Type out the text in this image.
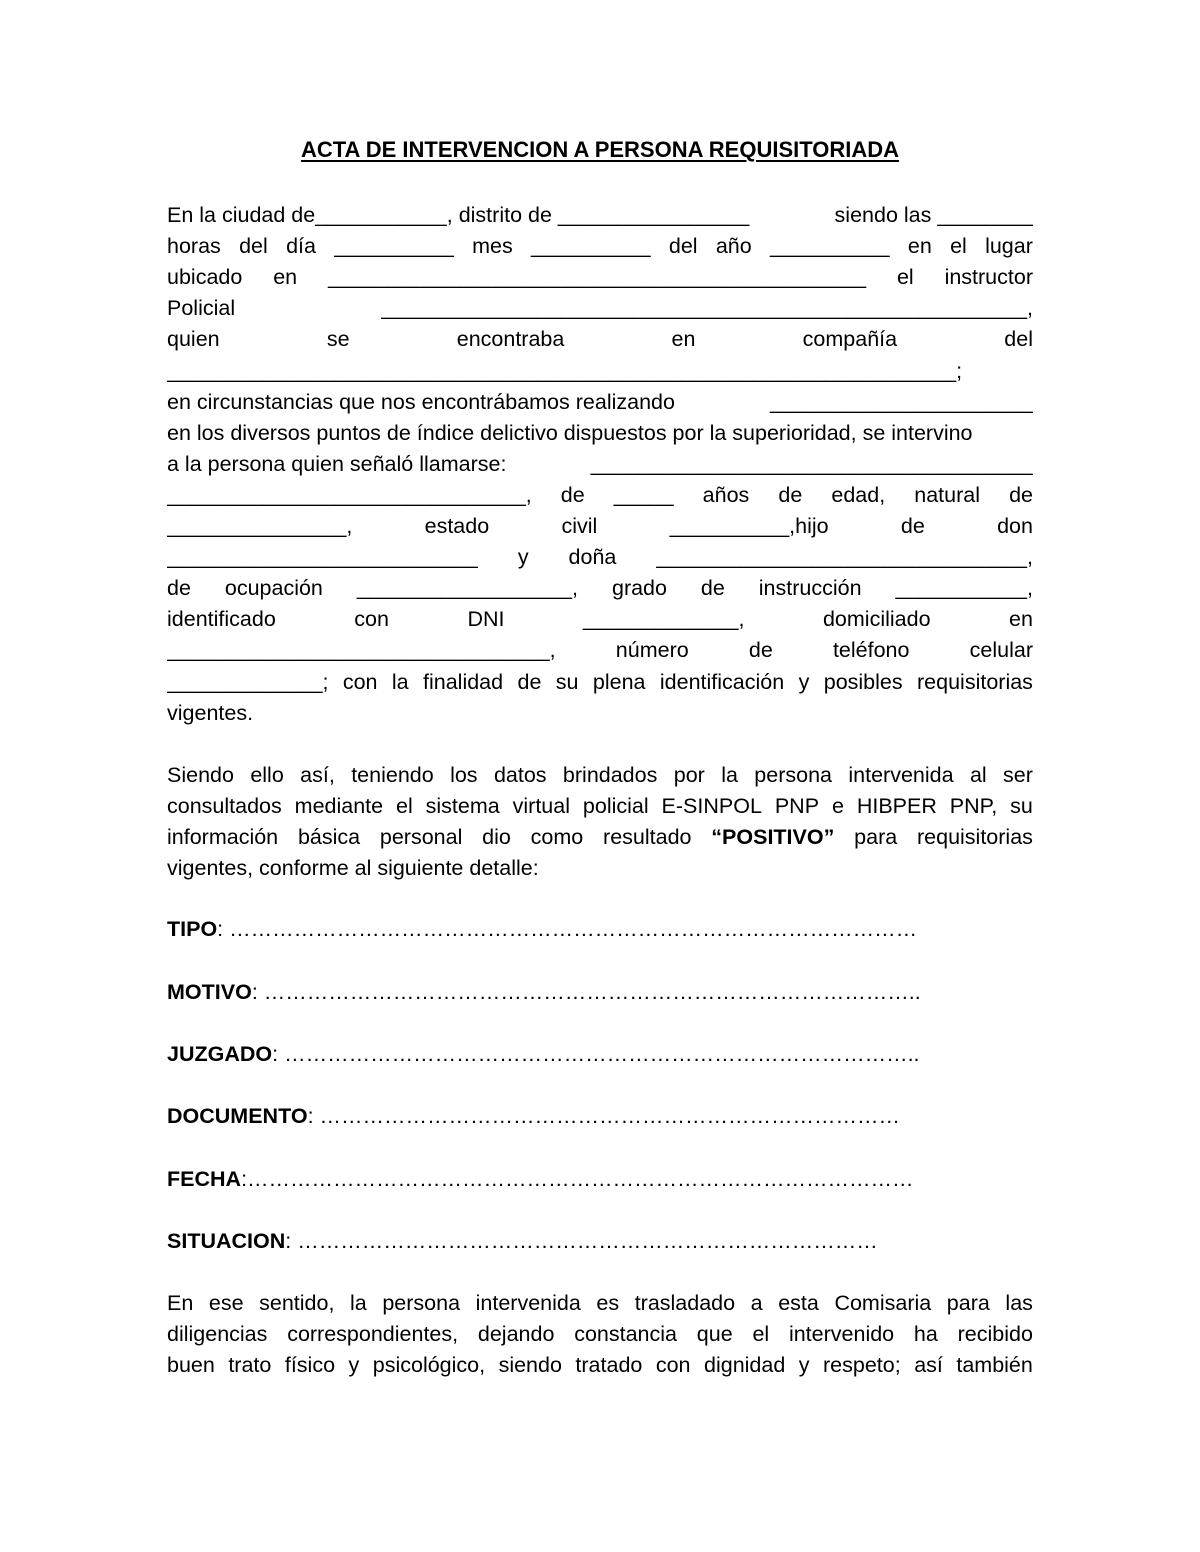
ACTA DE INTERVENCION A PERSONA REQUISITORIADA
En la ciudad de___________, distrito de ________________	siendo las ________
horas del día __________ mes __________ del año __________ en el lugar
ubicado en _____________________________________________ el instructor
Policial	______________________________________________________,
quien	se	encontraba	en	compañía	del
__________________________________________________________________;
en circunstancias que nos encontrábamos realizando	______________________
en los diversos puntos de índice delictivo dispuestos por la superioridad, se intervino
a la persona quien señaló llamarse:	_____________________________________
______________________________, de _____ años de edad, natural de
_______________,	estado	civil	__________,hijo	de	don
__________________________ y doña _______________________________,
de ocupación __________________, grado de instrucción ___________,
identificado	con	DNI	_____________,	domiciliado	en
________________________________,	número	de	teléfono	celular
_____________; con la finalidad de su plena identificación y posibles requisitorias
vigentes.
Siendo ello así, teniendo los datos brindados por la persona intervenida al ser
consultados mediante el sistema virtual policial E-SINPOL PNP e HIBPER PNP, su
información básica personal dio como resultado “POSITIVO” para requisitorias
vigentes, conforme al siguiente detalle:
TIPO: ……………………………………………………………………………………
MOTIVO: ………………………………………………………………………………..
JUZGADO: ……………………………………………………………………………..
DOCUMENTO: ………………………………………………………………………
FECHA:…………………………………………………………………………………
SITUACION: ………………………………………………………………………
En ese sentido, la persona intervenida es trasladado a esta Comisaria para las
diligencias correspondientes, dejando constancia que el intervenido ha recibido
buen trato físico y psicológico, siendo tratado con dignidad y respeto; así también
